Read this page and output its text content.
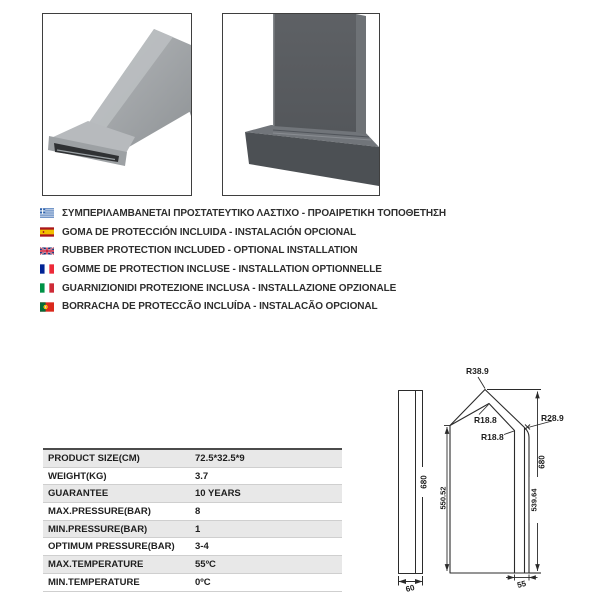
ΣΥΜΠΕΡΙΛΑΜΒΑΝΕΤΑΙ ΠΡΟΣΤΑΤΕΥΤΙΚΟ ΛΑΣΤΙΧΟ - ΠΡΟΑΙΡΕΤΙΚΗ ΤΟΠΟΘΕΤΗΣΗ
GOMA DE PROTECCIÓN INCLUIDA - INSTALACIÓN OPCIONAL
RUBBER PROTECTION INCLUDED - OPTIONAL INSTALLATION
GOMME DE PROTECTION INCLUSE - INSTALLATION OPTIONNELLE
GUARNIZIONIDI PROTEZIONE INCLUSA - INSTALLAZIONE OPZIONALE
BORRACHA DE PROTECCÃO INCLUÍDA - INSTALACÃO OPCIONAL
PRODUCT SIZE(CM)	72.5*32.5*9
WEIGHT(KG)	3.7
GUARANTEE	10 YEARS
MAX.PRESSURE(BAR)	8
MIN.PRESSURE(BAR)	1
OPTIMUM PRESSURE(BAR)	3-4
MAX.TEMPERATURE	55ºC
MIN.TEMPERATURE	0ºC
R38.9
R18.8
R18.8
R28.9
680
60
550.52	539.64
680
55
